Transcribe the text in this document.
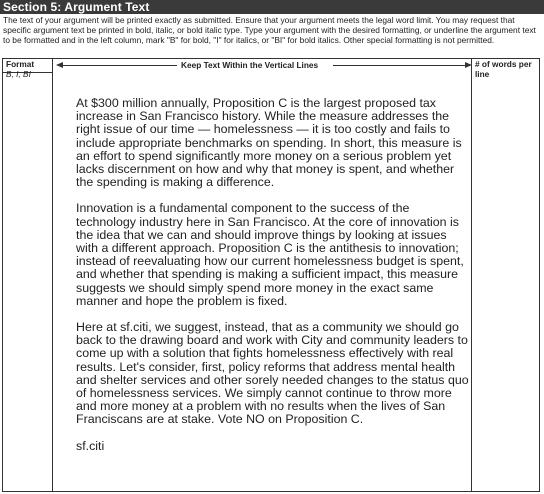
Section 5: Argument Text
The text of your argument will be printed exactly as submitted. Ensure that your argument meets the legal word limit. You may request that specific argument text be printed in bold, italic, or bold italic type. Type your argument with the desired formatting, or underline the argument text to be formatted and in the left column, mark "B" for bold, "I" for italics, or "BI" for bold italics. Other special formatting is not permitted.
Format
B, I, BI
Keep Text Within the Vertical Lines	# of words per line

At $300 million annually, Proposition C is the largest proposed tax increase in San Francisco history. While the measure addresses the right issue of our time — homelessness — it is too costly and fails to include appropriate benchmarks on spending. In short, this measure is an effort to spend significantly more money on a serious problem yet lacks discernment on how and why that money is spent, and whether the spending is making a difference.

Innovation is a fundamental component to the success of the technology industry here in San Francisco. At the core of innovation is the idea that we can and should improve things by looking at issues with a different approach. Proposition C is the antithesis to innovation; instead of reevaluating how our current homelessness budget is spent, and whether that spending is making a sufficient impact, this measure suggests we should simply spend more money in the exact same manner and hope the problem is fixed.

Here at sf.citi, we suggest, instead, that as a community we should go back to the drawing board and work with City and community leaders to come up with a solution that fights homelessness effectively with real results. Let's consider, first, policy reforms that address mental health and shelter services and other sorely needed changes to the status quo of homelessness services. We simply cannot continue to throw more and more money at a problem with no results when the lives of San Franciscans are at stake. Vote NO on Proposition C.

sf.citi
